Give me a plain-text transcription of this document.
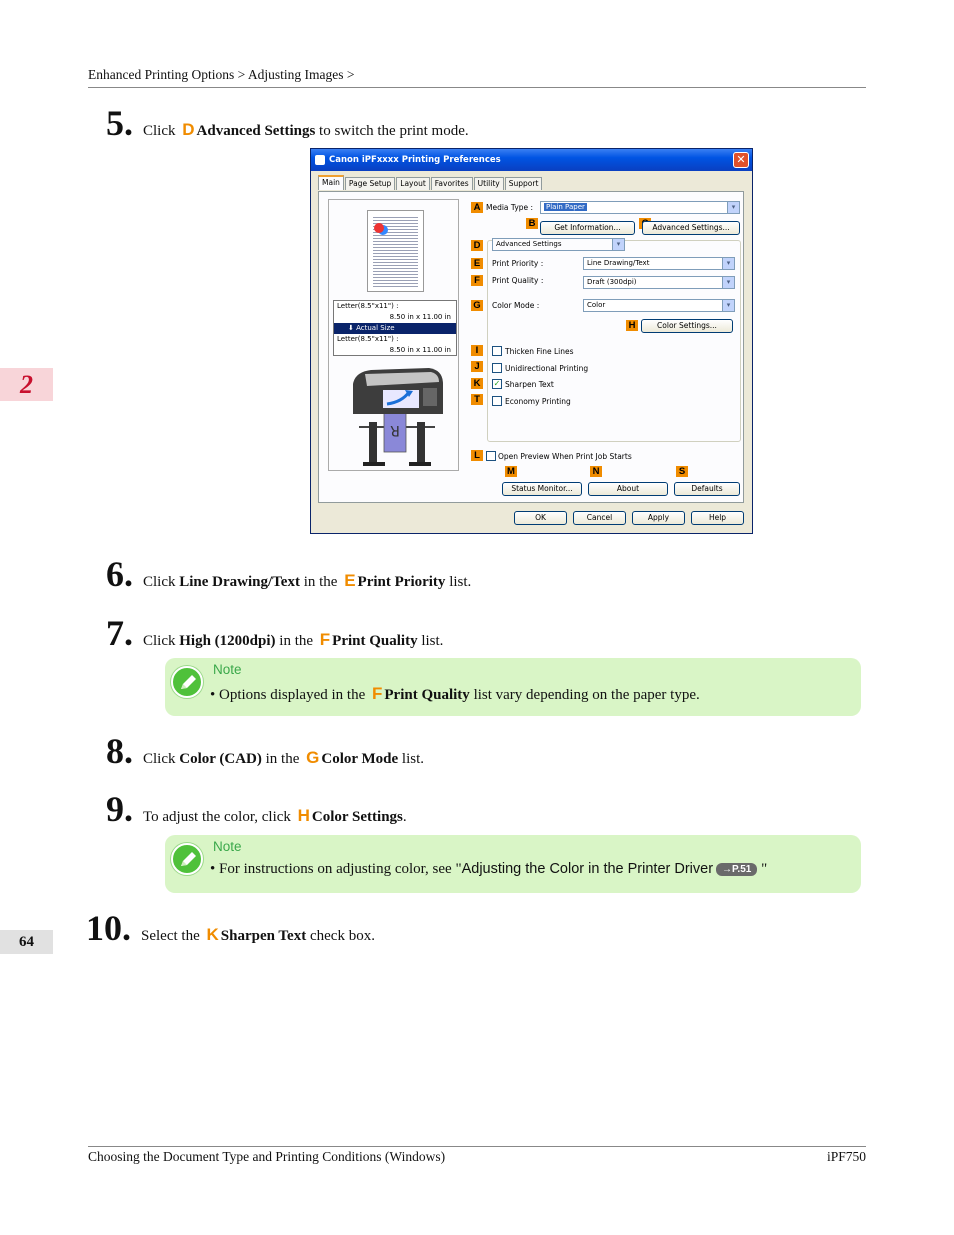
Enhanced Printing Options > Adjusting Images >
2
64
5. Click D Advanced Settings to switch the print mode.
Canon iPFxxxx Printing Preferences	✕
Main	Page Setup	Layout	Favorites	Utility	Support
Letter(8.5"x11") :
8.50 in x 11.00 in
⬇ Actual Size
Letter(8.5"x11") :
8.50 in x 11.00 in
R
A Media Type :	Plain Paper	▾
B	Get Information...	Advanced Settings...
D	Advanced Settings	▾
E	Print Priority :	Line Drawing/Text	▾
F	Print Quality :	Draft (300dpi)	▾
G	Color Mode :	Color	▾
H	Color Settings...
I	Thicken Fine Lines
J	Unidirectional Printing
K	✓ Sharpen Text
T	Economy Printing
L	Open Preview When Print Job Starts
M	N	S
Status Monitor...	About	Defaults
OK	Cancel	Apply	Help
6. Click Line Drawing/Text in the E Print Priority list.
7. Click High (1200dpi) in the F Print Quality list.
Note
• Options displayed in the F Print Quality list vary depending on the paper type.
8. Click Color (CAD) in the G Color Mode list.
9. To adjust the color, click H Color Settings.
Note
• For instructions on adjusting color, see "Adjusting the Color in the Printer Driver →P.51 "
10. Select the K Sharpen Text check box.
Choosing the Document Type and Printing Conditions (Windows)	iPF750
